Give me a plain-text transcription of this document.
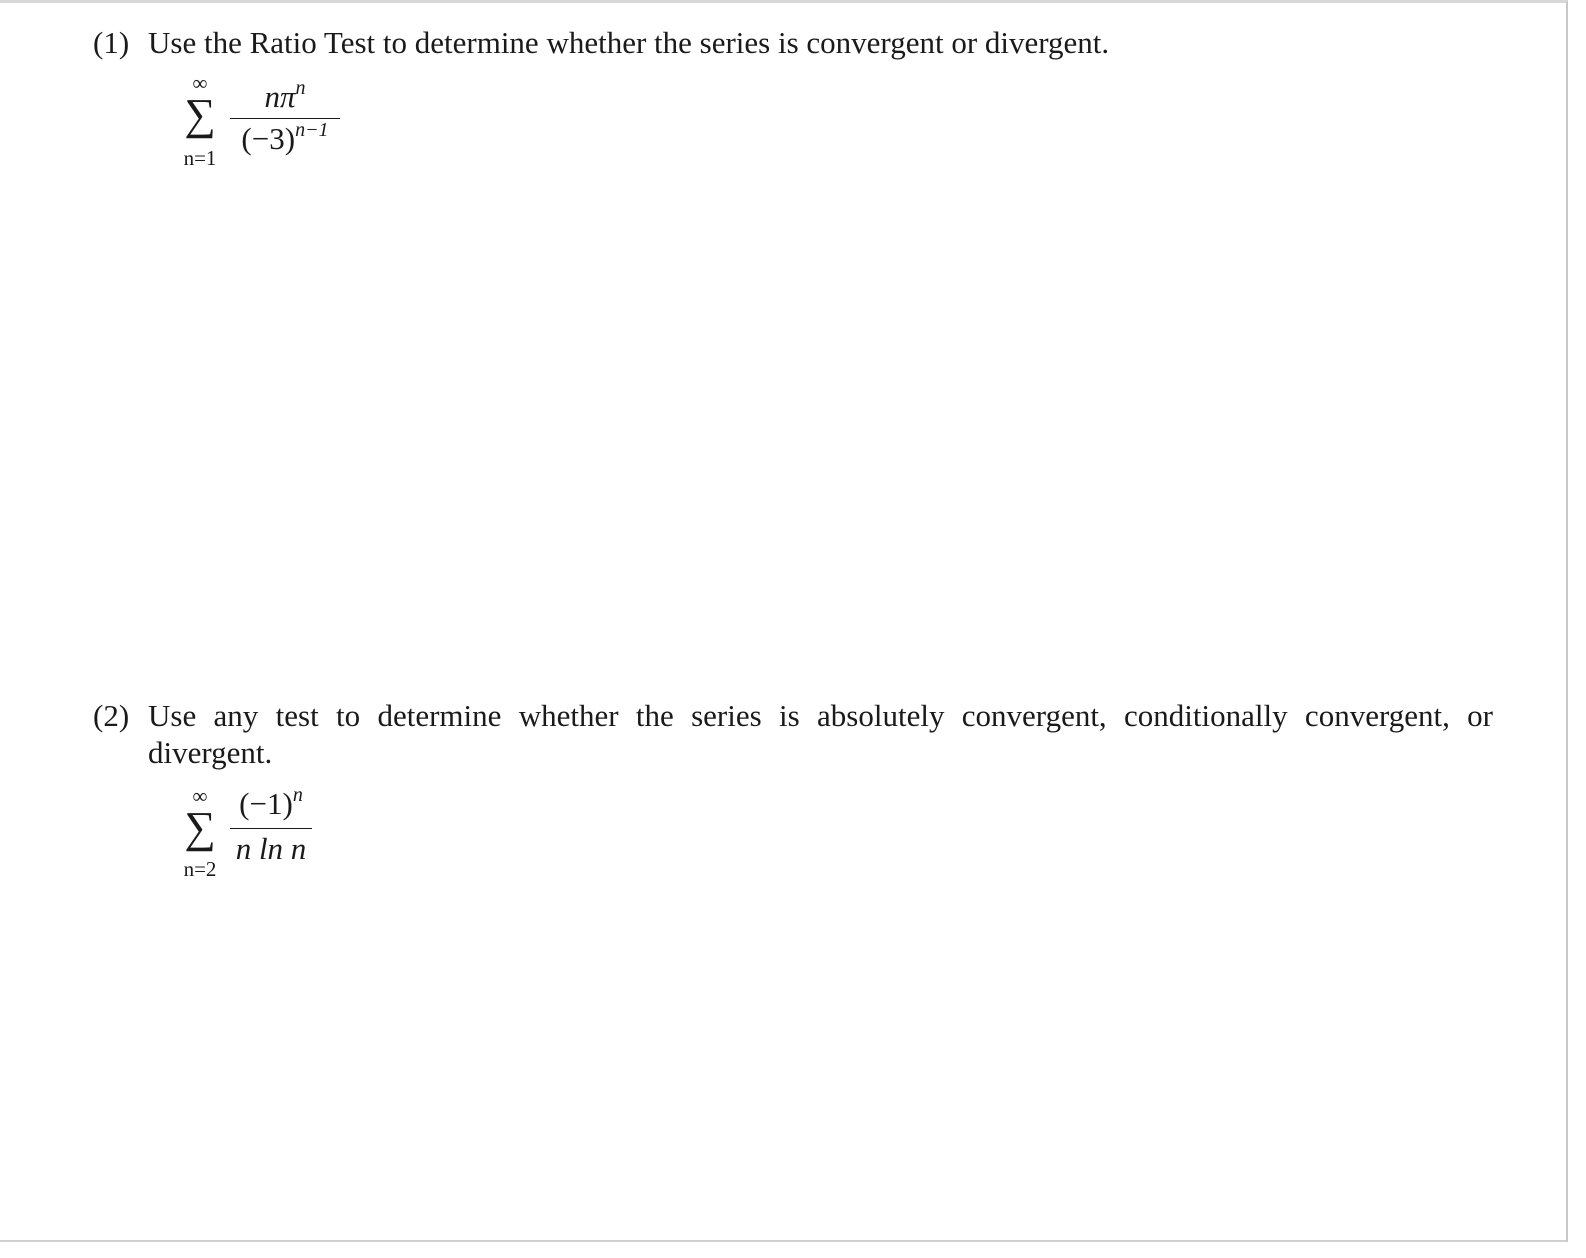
(1) Use the Ratio Test to determine whether the series is convergent or divergent.
∞
∑
n=1
$n\pi^n$
$(-3)^{n-1}$
(2) Use any test to determine whether the series is absolutely convergent, conditionally convergent, or divergent.
∞
∑
n=2
$(-1)^n$
n ln n
